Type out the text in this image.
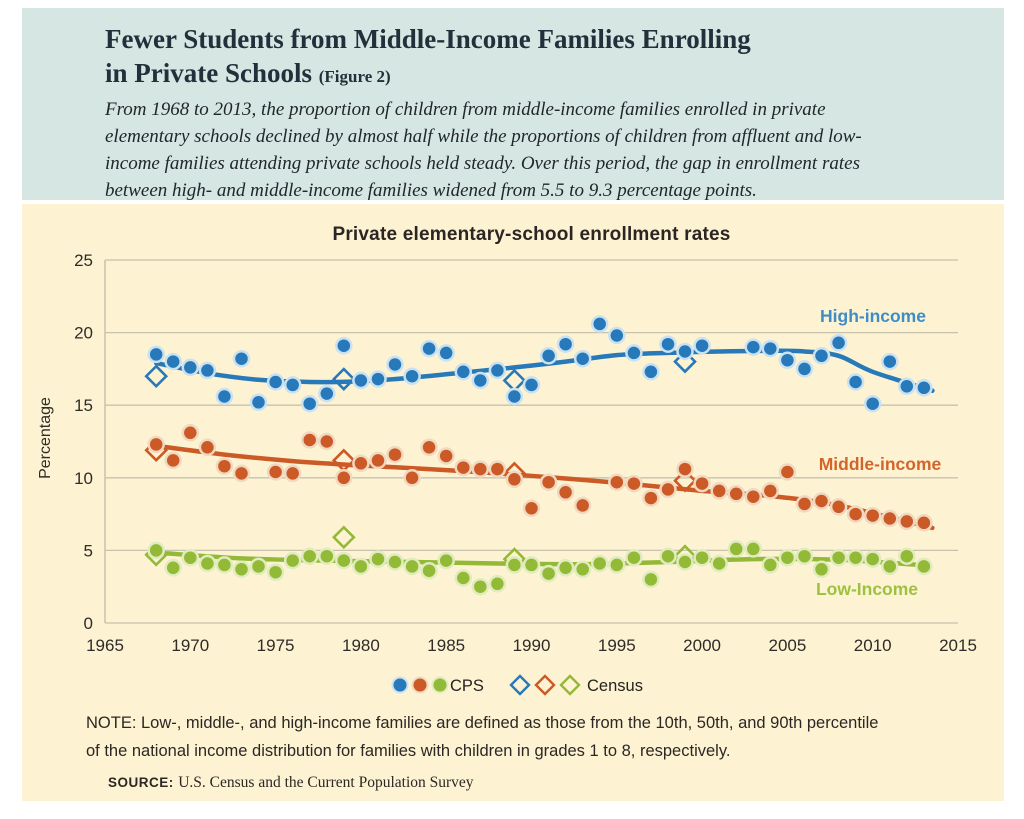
Fewer Students from Middle-Income Families Enrolling
in Private Schools (Figure 2)
From 1968 to 2013, the proportion of children from middle-income families enrolled in private elementary schools declined by almost half while the proportions of children from affluent and low-income families attending private schools held steady. Over this period, the gap in enrollment rates between high- and middle-income families widened from 5.5 to 9.3 percentage points.
Private elementary-school enrollment rates
0
5
10
15
20
25
1965	1970	1975	1980	1985	1990	1995	2000	2005	2010	2015
Percentage
High-income
Middle-income
Low-Income
CPS	Census
NOTE: Low-, middle-, and high-income families are defined as those from the 10th, 50th, and 90th percentile
of the national income distribution for families with children in grades 1 to 8, respectively.
SOURCE: U.S. Census and the Current Population Survey
